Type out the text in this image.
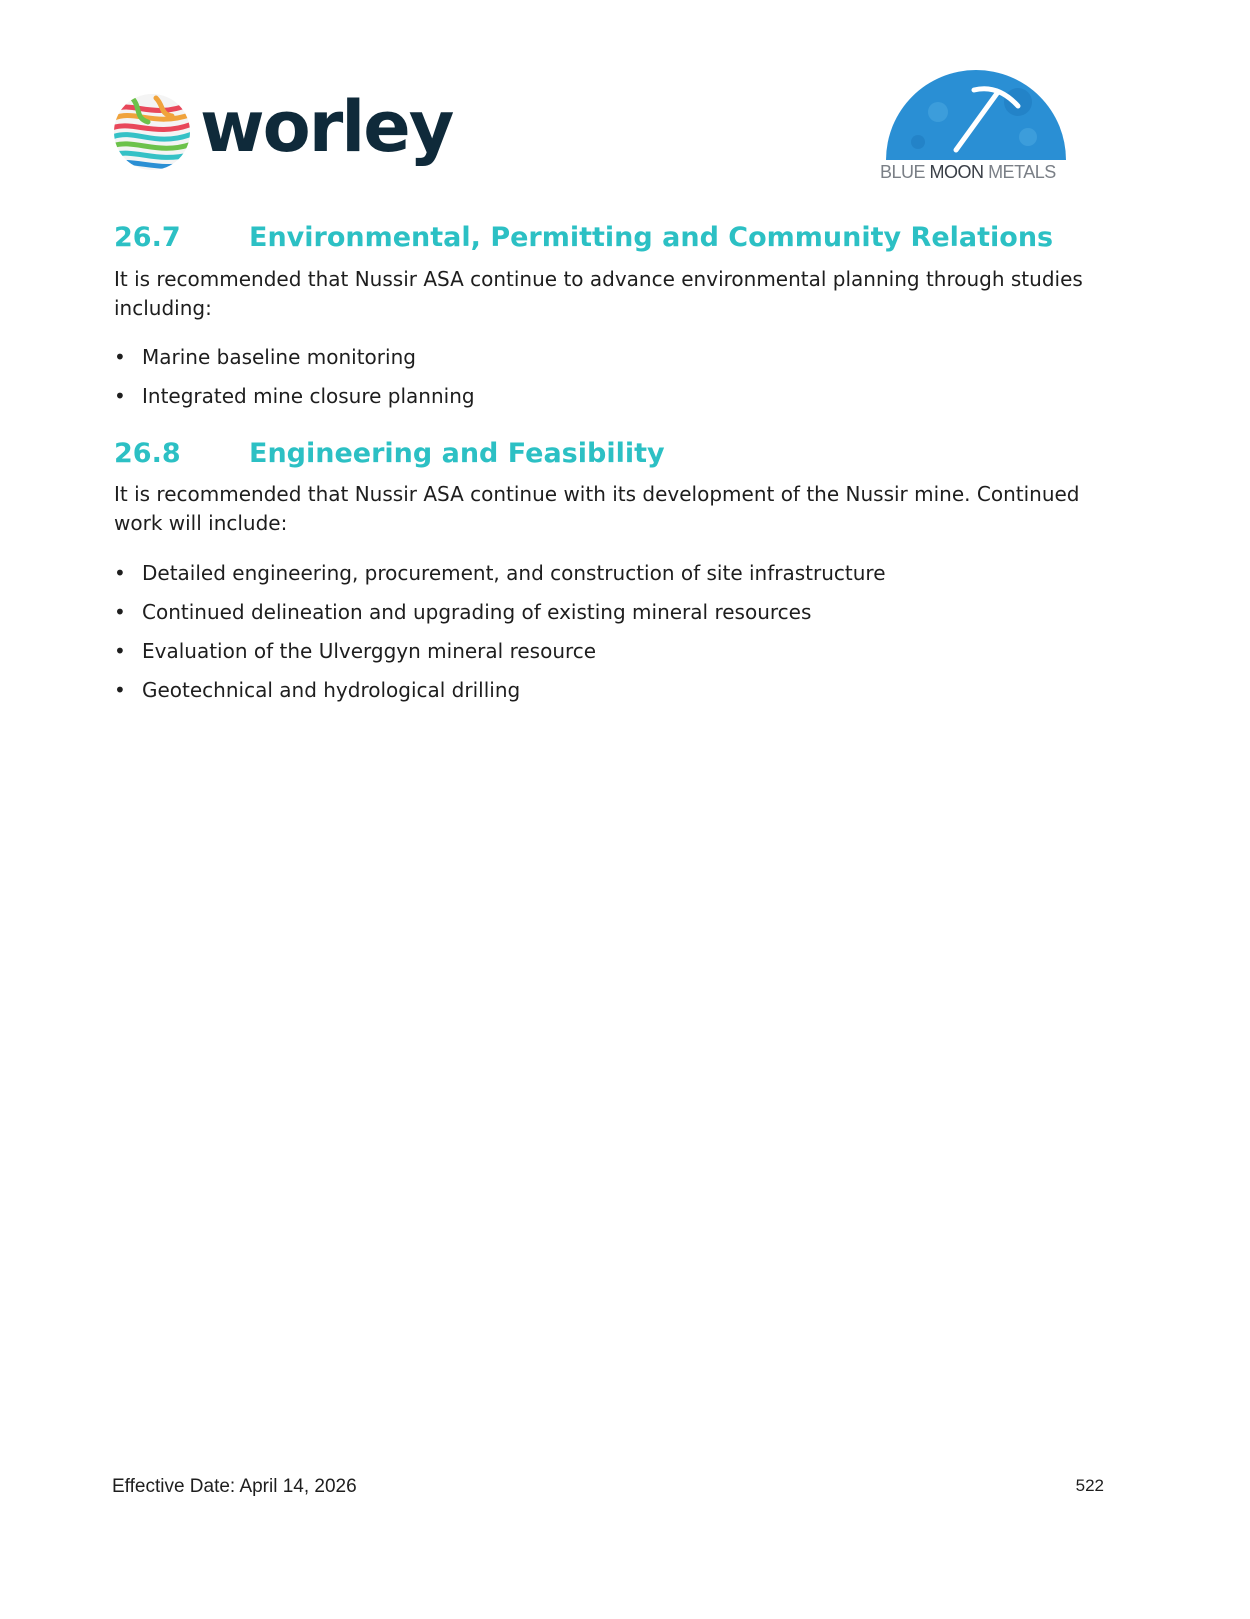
worley
BLUE MOON METALS
26.7	Environmental, Permitting and Community Relations

It is recommended that Nussir ASA continue to advance environmental planning through studies including:

• Marine baseline monitoring
• Integrated mine closure planning
26.8	Engineering and Feasibility

It is recommended that Nussir ASA continue with its development of the Nussir mine. Continued work will include:

• Detailed engineering, procurement, and construction of site infrastructure
• Continued delineation and upgrading of existing mineral resources
• Evaluation of the Ulverggyn mineral resource
• Geotechnical and hydrological drilling
Effective Date: April 14, 2026	522
